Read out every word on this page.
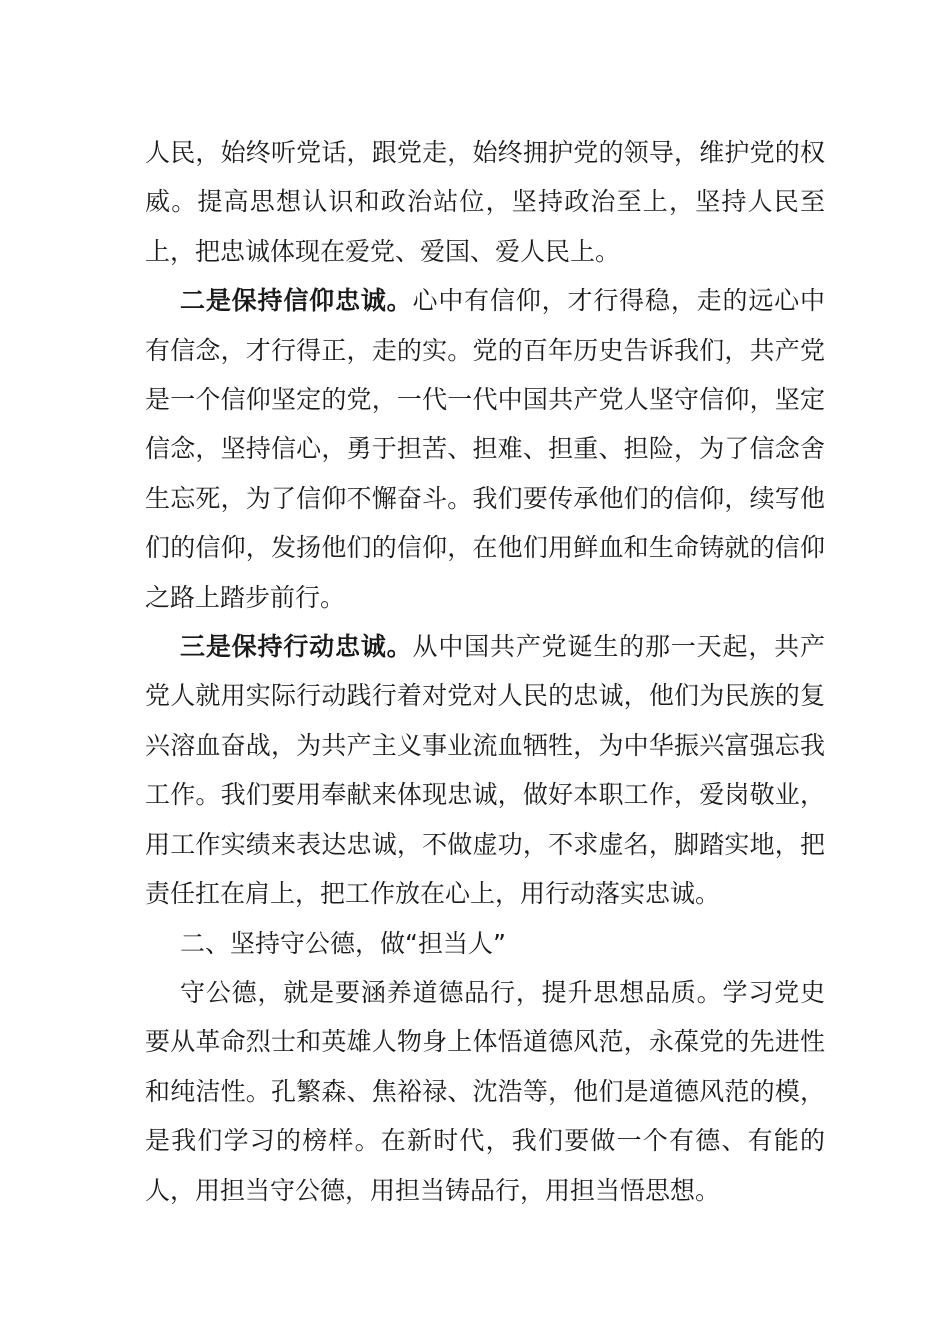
人民，始终听党话，跟党走，始终拥护党的领导，维护党的权威。提高思想认识和政治站位，坚持政治至上，坚持人民至上，把忠诚体现在爱党、爱国、爱人民上。

二是保持信仰忠诚。心中有信仰，才行得稳，走的远心中有信念，才行得正，走的实。党的百年历史告诉我们，共产党是一个信仰坚定的党，一代一代中国共产党人坚守信仰，坚定信念，坚持信心，勇于担苦、担难、担重、担险，为了信念舍生忘死，为了信仰不懈奋斗。我们要传承他们的信仰，续写他们的信仰，发扬他们的信仰，在他们用鲜血和生命铸就的信仰之路上踏步前行。

三是保持行动忠诚。从中国共产党诞生的那一天起，共产党人就用实际行动践行着对党对人民的忠诚，他们为民族的复兴溶血奋战，为共产主义事业流血牺牲，为中华振兴富强忘我工作。我们要用奉献来体现忠诚，做好本职工作，爱岗敬业，用工作实绩来表达忠诚，不做虚功，不求虚名，脚踏实地，把责任扛在肩上，把工作放在心上，用行动落实忠诚。

二、坚持守公德，做“担当人”

守公德，就是要涵养道德品行，提升思想品质。学习党史要从革命烈士和英雄人物身上体悟道德风范，永葆党的先进性和纯洁性。孔繁森、焦裕禄、沈浩等，他们是道德风范的模，是我们学习的榜样。在新时代，我们要做一个有德、有能的人，用担当守公德，用担当铸品行，用担当悟思想。
